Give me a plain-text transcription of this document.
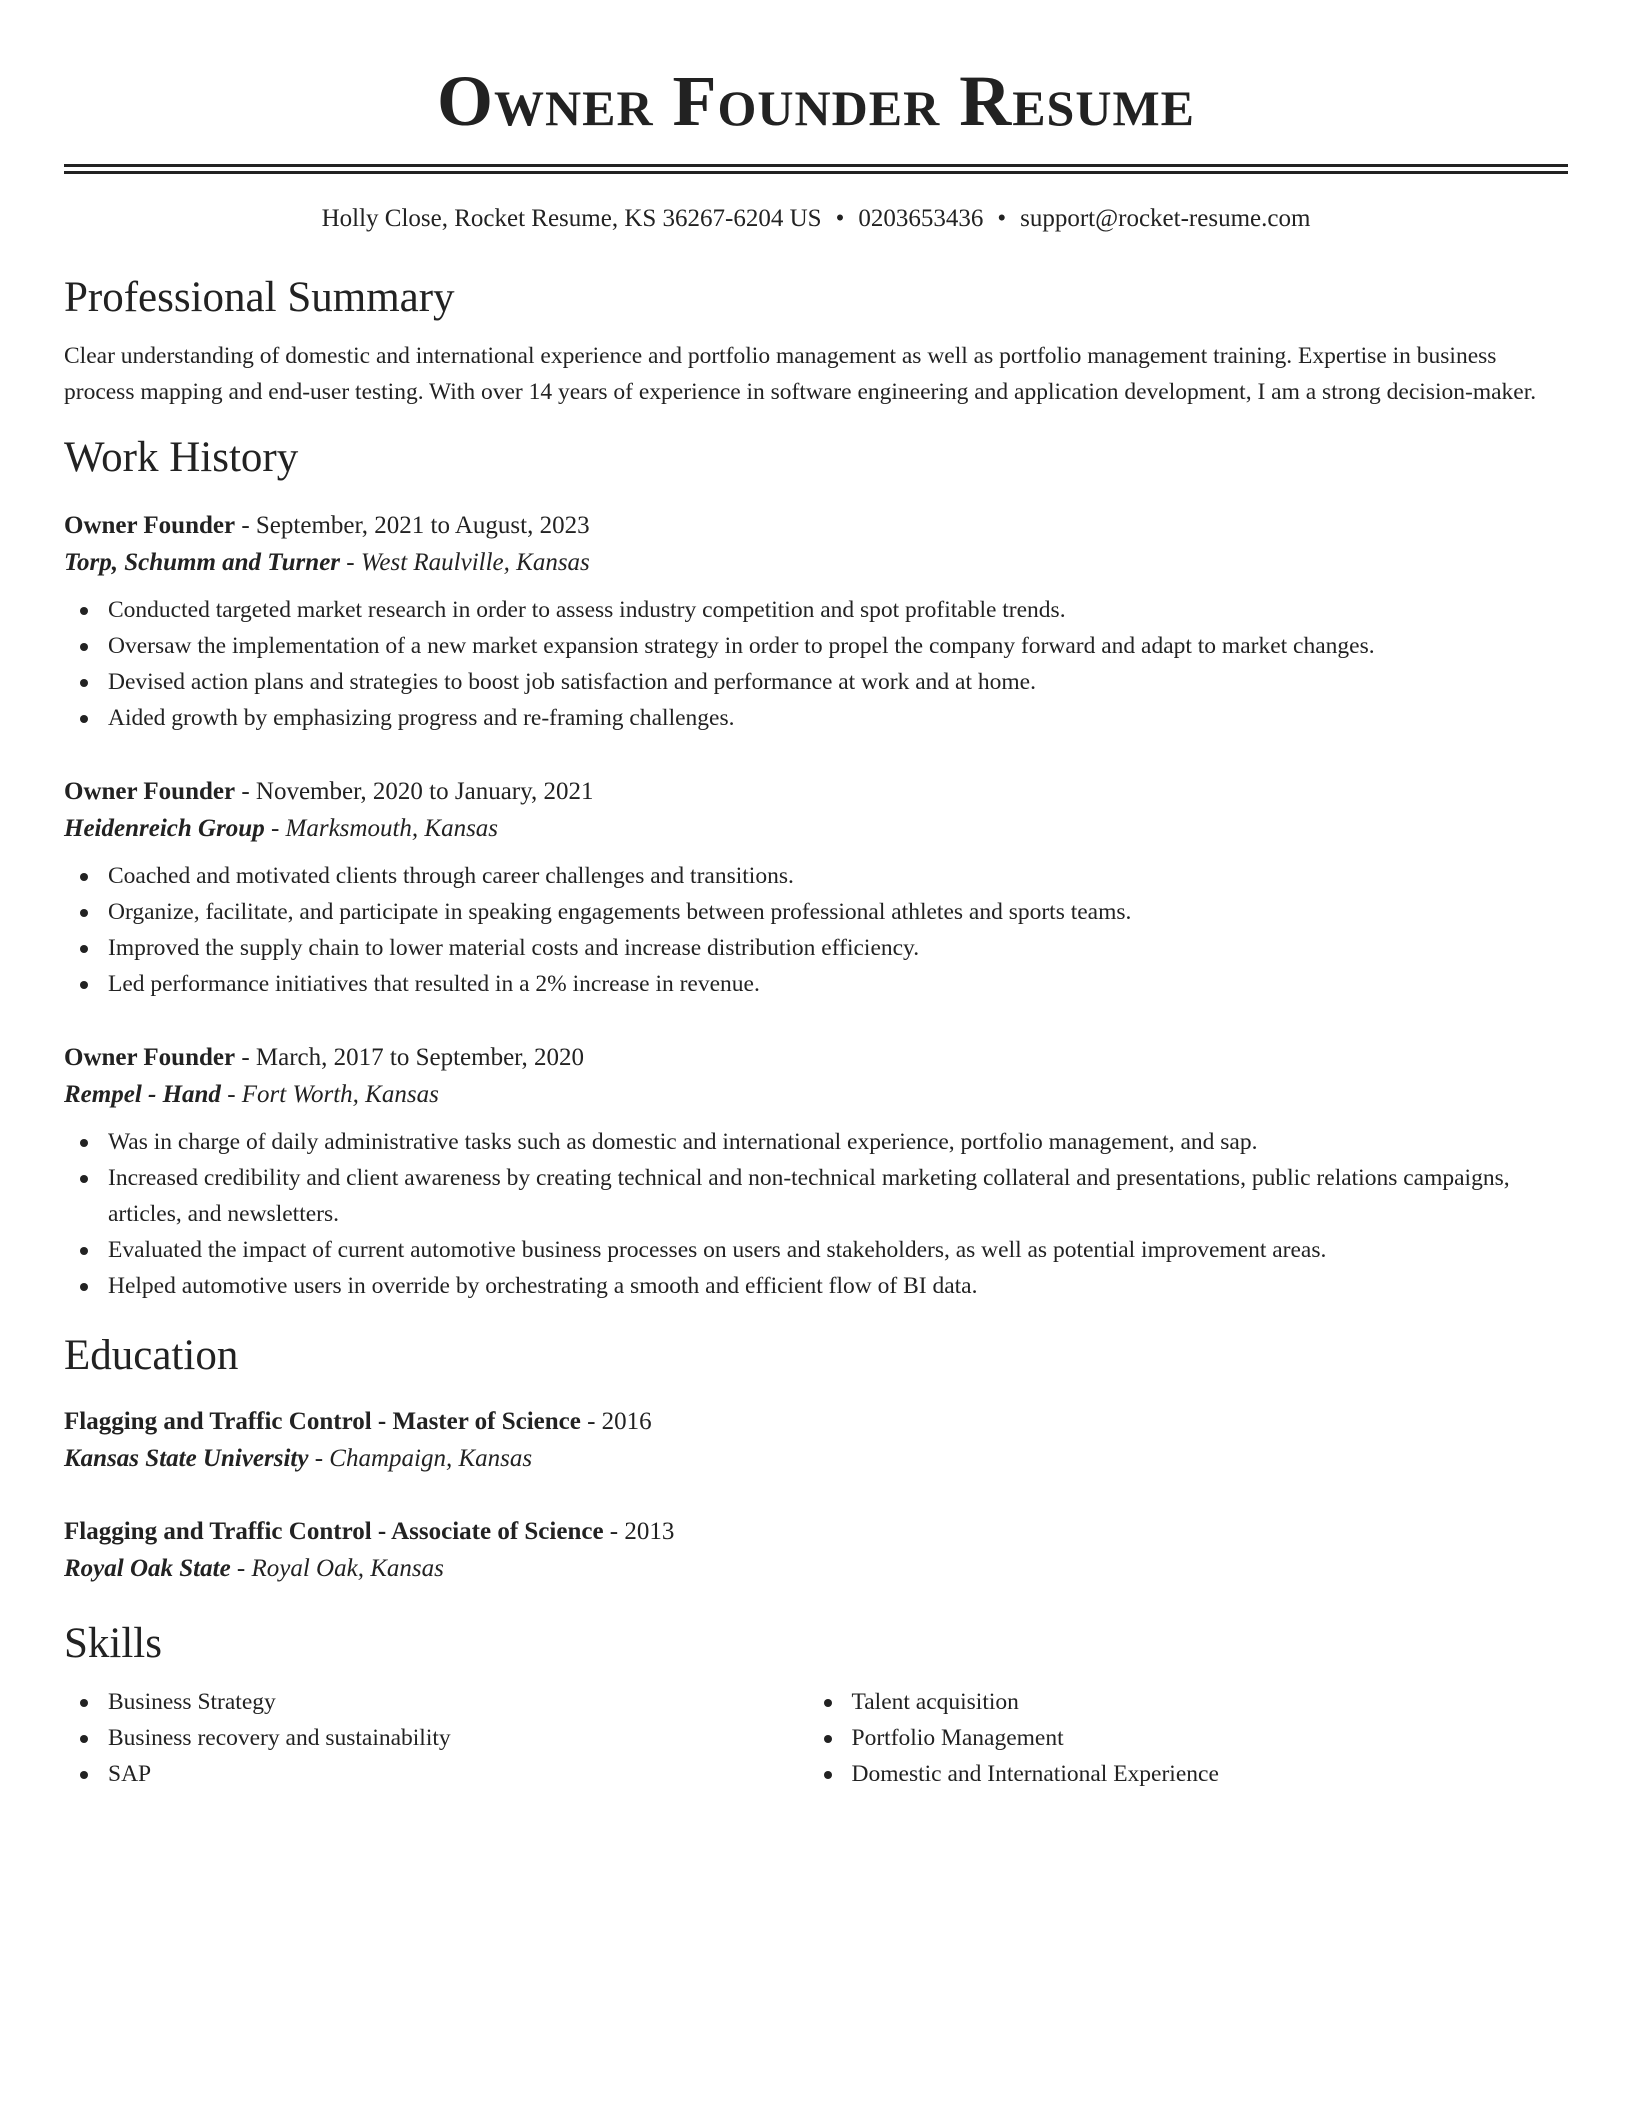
Owner Founder Resume
Holly Close, Rocket Resume, KS 36267-6204 US • 0203653436 • support@rocket-resume.com
Professional Summary
Clear understanding of domestic and international experience and portfolio management as well as portfolio management training. Expertise in business process mapping and end-user testing. With over 14 years of experience in software engineering and application development, I am a strong decision-maker.
Work History
Owner Founder - September, 2021 to August, 2023
Torp, Schumm and Turner - West Raulville, Kansas
Conducted targeted market research in order to assess industry competition and spot profitable trends.
Oversaw the implementation of a new market expansion strategy in order to propel the company forward and adapt to market changes.
Devised action plans and strategies to boost job satisfaction and performance at work and at home.
Aided growth by emphasizing progress and re-framing challenges.
Owner Founder - November, 2020 to January, 2021
Heidenreich Group - Marksmouth, Kansas
Coached and motivated clients through career challenges and transitions.
Organize, facilitate, and participate in speaking engagements between professional athletes and sports teams.
Improved the supply chain to lower material costs and increase distribution efficiency.
Led performance initiatives that resulted in a 2% increase in revenue.
Owner Founder - March, 2017 to September, 2020
Rempel - Hand - Fort Worth, Kansas
Was in charge of daily administrative tasks such as domestic and international experience, portfolio management, and sap.
Increased credibility and client awareness by creating technical and non-technical marketing collateral and presentations, public relations campaigns, articles, and newsletters.
Evaluated the impact of current automotive business processes on users and stakeholders, as well as potential improvement areas.
Helped automotive users in override by orchestrating a smooth and efficient flow of BI data.
Education
Flagging and Traffic Control - Master of Science - 2016
Kansas State University - Champaign, Kansas
Flagging and Traffic Control - Associate of Science - 2013
Royal Oak State - Royal Oak, Kansas
Skills
Business Strategy
Business recovery and sustainability
SAP
Talent acquisition
Portfolio Management
Domestic and International Experience
